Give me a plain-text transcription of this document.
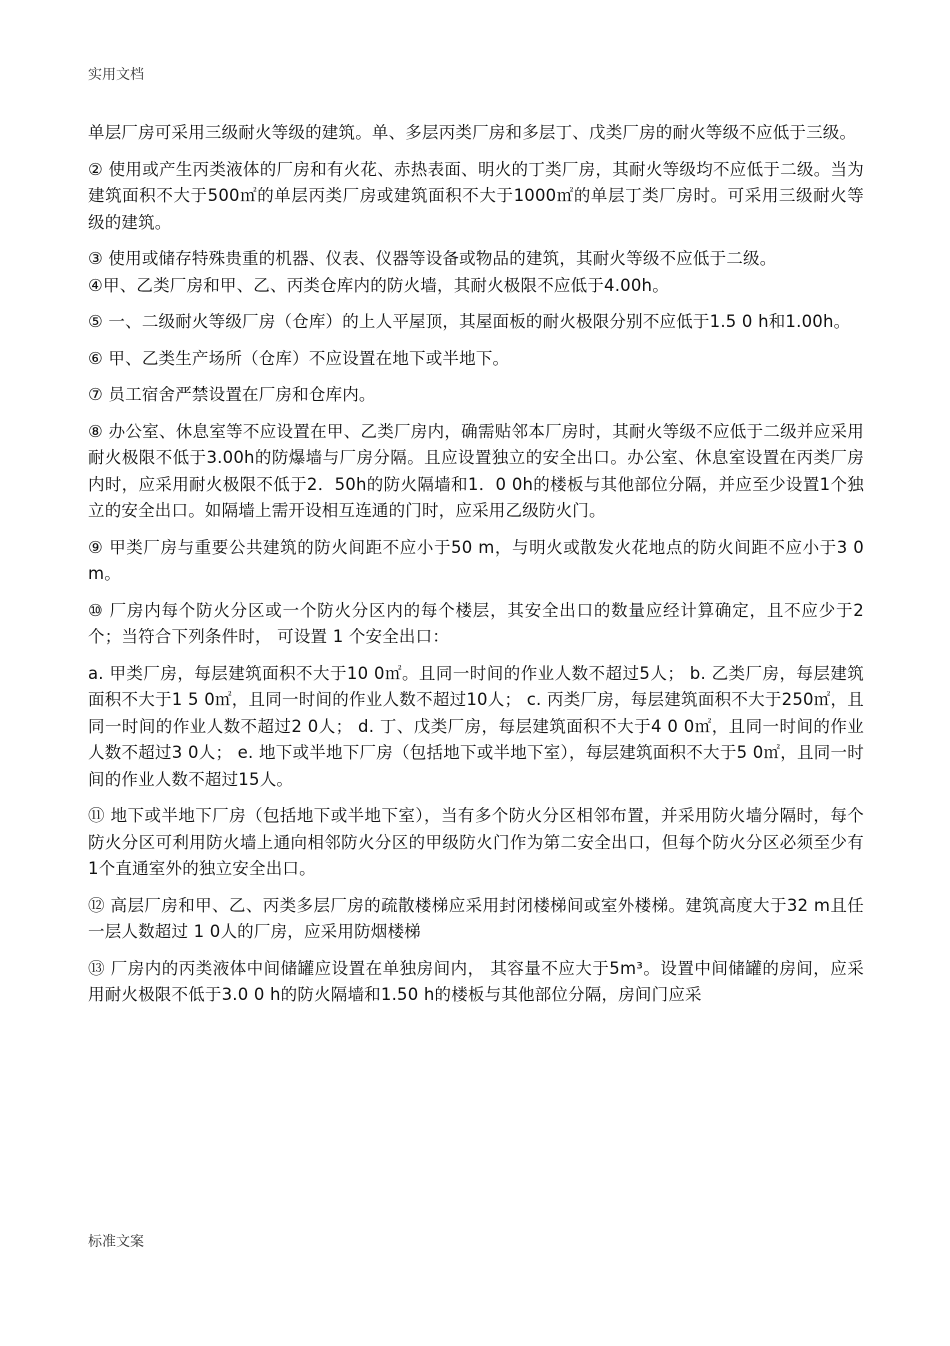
实用文档

单层厂房可采用三级耐火等级的建筑。单、多层丙类厂房和多层丁、戊类厂房的耐火等级不应低于三级。

② 使用或产生丙类液体的厂房和有火花、赤热表面、明火的丁类厂房，其耐火等级均不应低于二级。当为建筑面积不大于500㎡的单层丙类厂房或建筑面积不大于1000㎡的单层丁类厂房时。可采用三级耐火等级的建筑。

③ 使用或储存特殊贵重的机器、仪表、仪器等设备或物品的建筑，其耐火等级不应低于二级。

④甲、乙类厂房和甲、乙、丙类仓库内的防火墙，其耐火极限不应低于4.00h。

⑤ 一、二级耐火等级厂房（仓库）的上人平屋顶，其屋面板的耐火极限分别不应低于1.5 0 h和1.00h。

⑥ 甲、乙类生产场所（仓库）不应设置在地下或半地下。

⑦ 员工宿舍严禁设置在厂房和仓库内。

⑧ 办公室、休息室等不应设置在甲、乙类厂房内，确需贴邻本厂房时，其耐火等级不应低于二级并应采用耐火极限不低于3.00h的防爆墙与厂房分隔。且应设置独立的安全出口。办公室、休息室设置在丙类厂房内时，应采用耐火极限不低于2．50h的防火隔墙和1．0 0h的楼板与其他部位分隔，并应至少设置1个独立的安全出口。如隔墙上需开设相互连通的门时，应采用乙级防火门。

⑨ 甲类厂房与重要公共建筑的防火间距不应小于50 m，与明火或散发火花地点的防火间距不应小于3 0m。

⑩ 厂房内每个防火分区或一个防火分区内的每个楼层，其安全出口的数量应经计算确定，且不应少于2个；当符合下列条件时， 可设置 1 个安全出口：

a. 甲类厂房，每层建筑面积不大于10 0㎡。且同一时间的作业人数不超过5人； b. 乙类厂房，每层建筑面积不大于1 5 0㎡，且同一时间的作业人数不超过10人； c. 丙类厂房，每层建筑面积不大于250㎡，且同一时间的作业人数不超过2 0人； d. 丁、戊类厂房，每层建筑面积不大于4 0 0㎡，且同一时间的作业人数不超过3 0人； e. 地下或半地下厂房（包括地下或半地下室），每层建筑面积不大于5 0㎡，且同一时间的作业人数不超过15人。

⑪ 地下或半地下厂房（包括地下或半地下室），当有多个防火分区相邻布置，并采用防火墙分隔时，每个防火分区可利用防火墙上通向相邻防火分区的甲级防火门作为第二安全出口，但每个防火分区必须至少有1个直通室外的独立安全出口。

⑫ 高层厂房和甲、乙、丙类多层厂房的疏散楼梯应采用封闭楼梯间或室外楼梯。建筑高度大于32 m且任一层人数超过 1 0人的厂房，应采用防烟楼梯

⑬ 厂房内的丙类液体中间储罐应设置在单独房间内， 其容量不应大于5m³。设置中间储罐的房间，应采用耐火极限不低于3.0 0 h的防火隔墙和1.50 h的楼板与其他部位分隔，房间门应采

标准文案
